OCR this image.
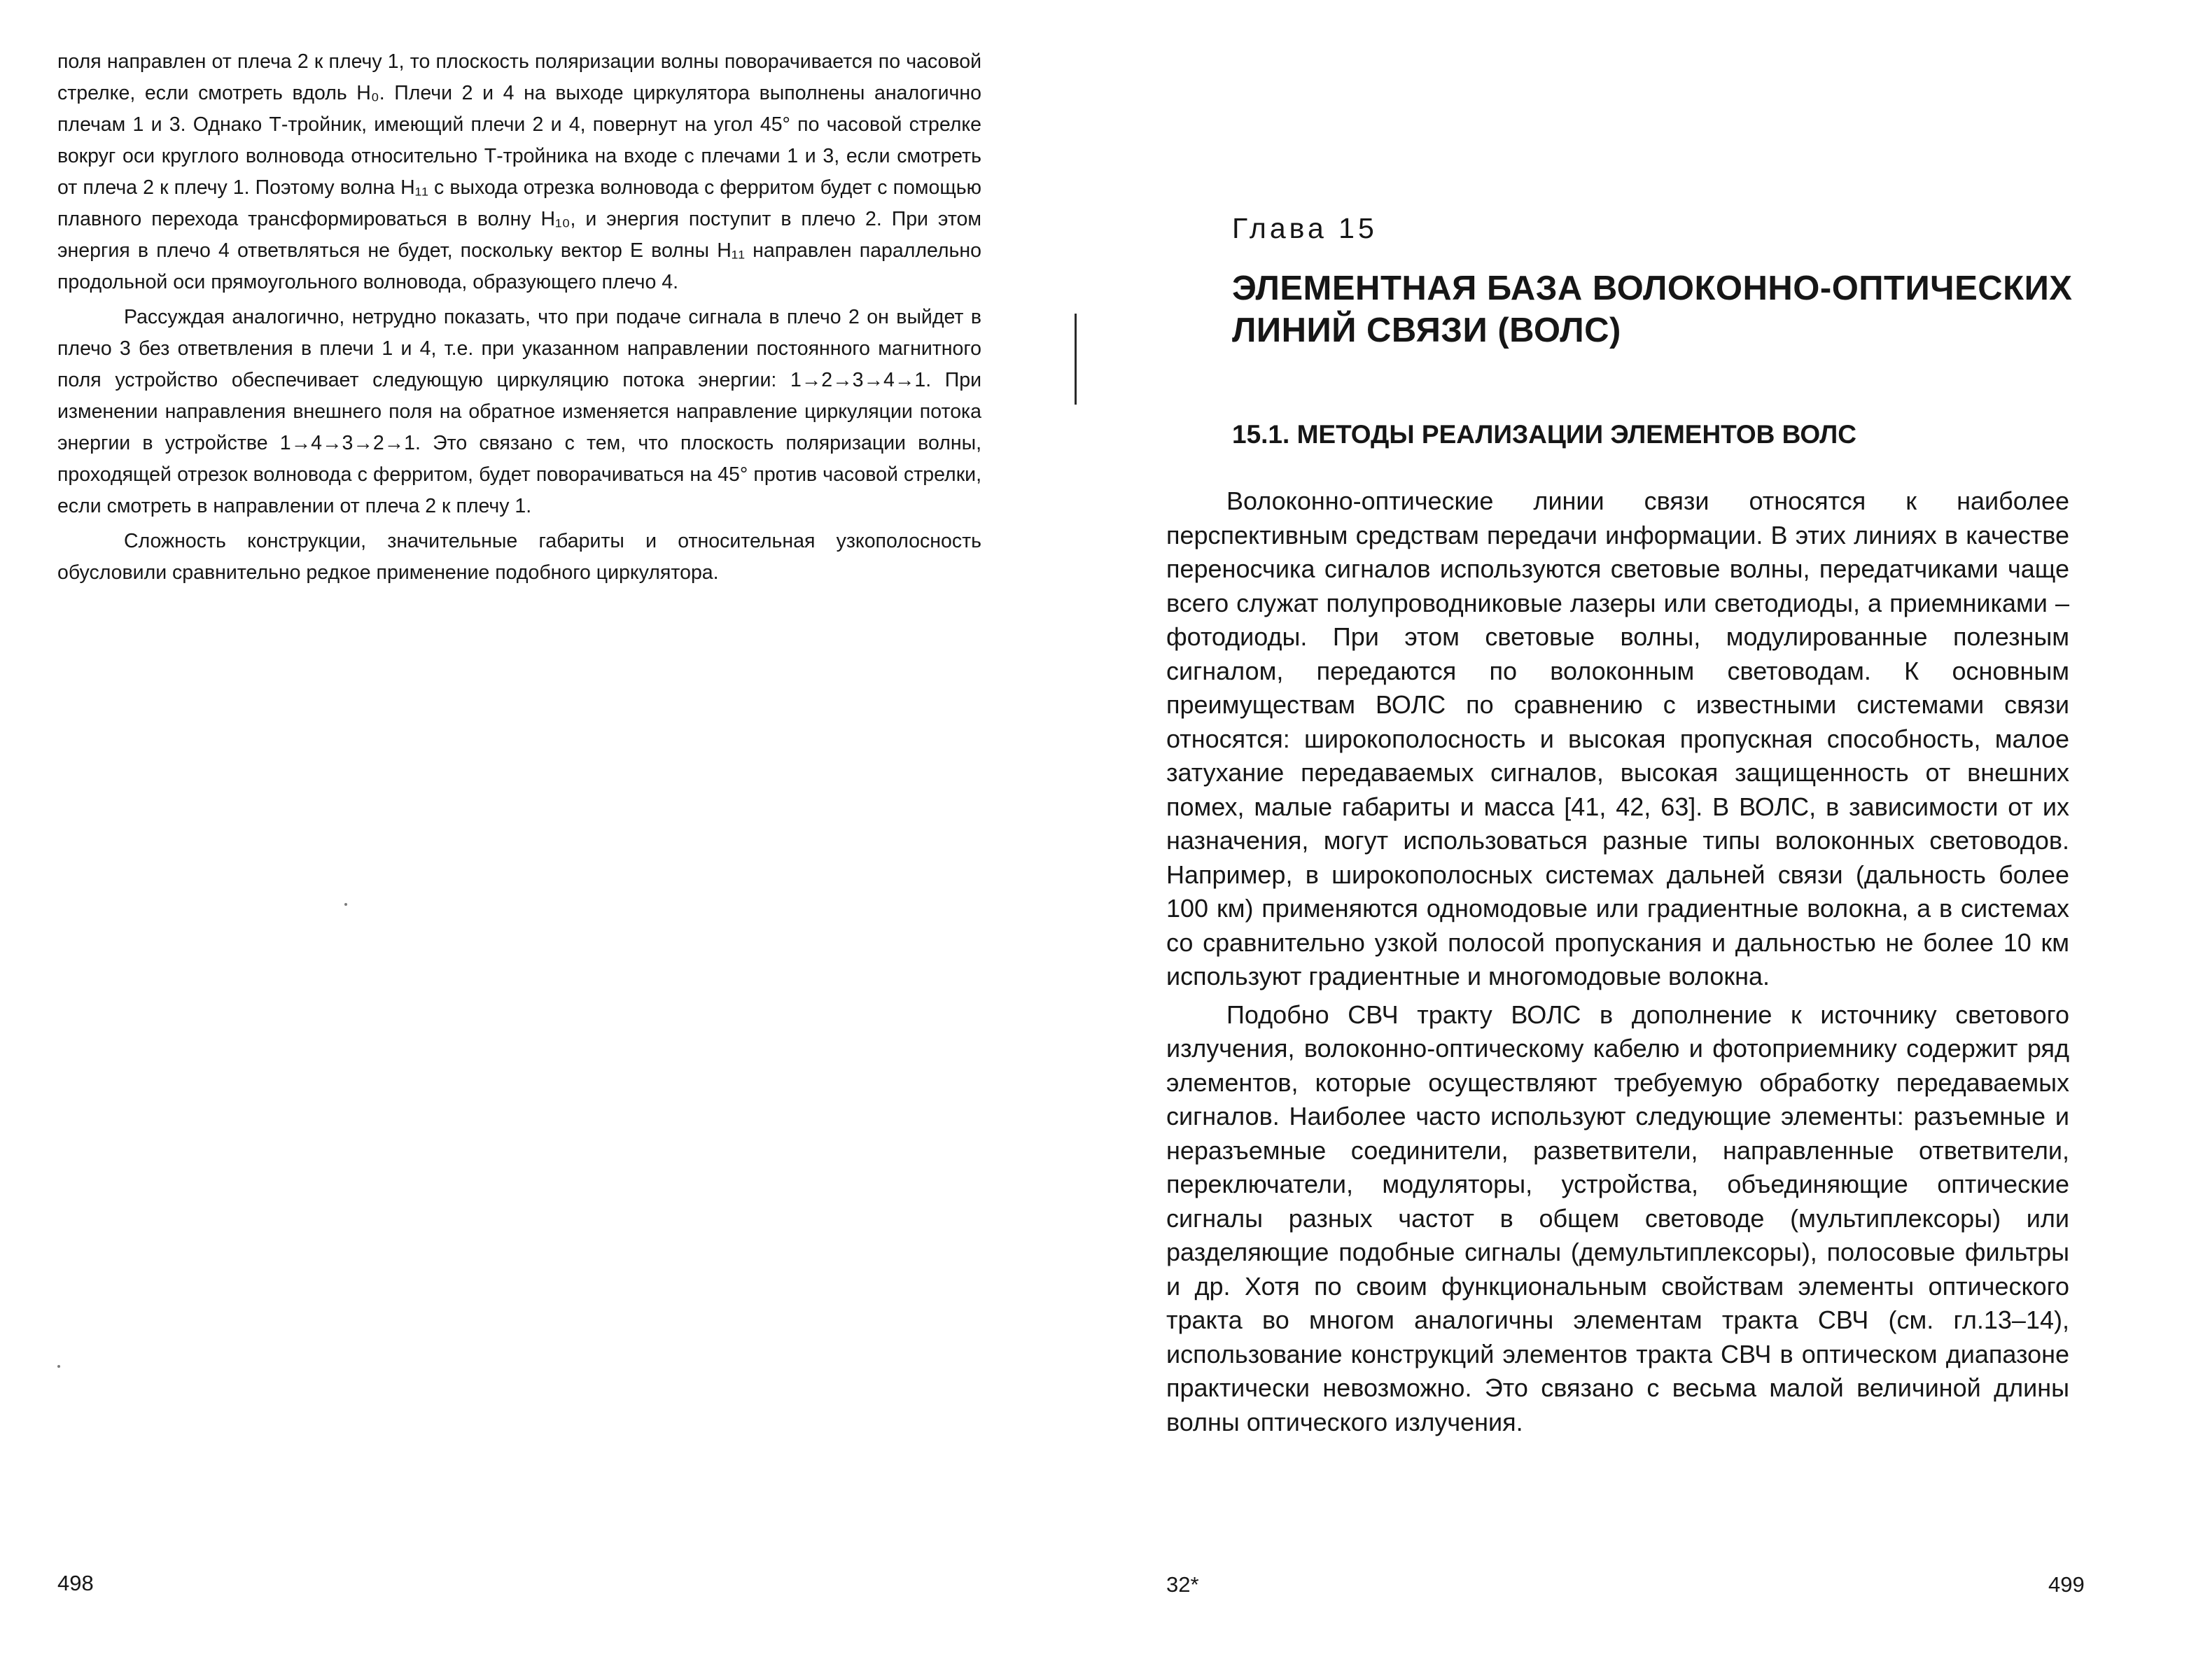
поля направлен от плеча 2 к плечу 1, то плоскость поляризации волны поворачивается по часовой стрелке, если смотреть вдоль H₀. Плечи 2 и 4 на выходе циркулятора выполнены аналогично плечам 1 и 3. Однако Т-тройник, имеющий плечи 2 и 4, повернут на угол 45° по часовой стрелке вокруг оси круглого волновода относительно Т-тройника на входе с плечами 1 и 3, если смотреть от плеча 2 к плечу 1. Поэтому волна H₁₁ с выхода отрезка волновода с ферритом будет с помощью плавного перехода трансформироваться в волну H₁₀, и энергия поступит в плечо 2. При этом энергия в плечо 4 ответвляться не будет, поскольку вектор E волны H₁₁ направлен параллельно продольной оси прямоугольного волновода, образующего плечо 4.

Рассуждая аналогично, нетрудно показать, что при подаче сигнала в плечо 2 он выйдет в плечо 3 без ответвления в плечи 1 и 4, т.е. при указанном направлении постоянного магнитного поля устройство обеспечивает следующую циркуляцию потока энергии: 1→2→3→4→1. При изменении направления внешнего поля на обратное изменяется направление циркуляции потока энергии в устройстве 1→4→3→2→1. Это связано с тем, что плоскость поляризации волны, проходящей отрезок волновода с ферритом, будет поворачиваться на 45° против часовой стрелки, если смотреть в направлении от плеча 2 к плечу 1.

Сложность конструкции, значительные габариты и относительная узкополосность обусловили сравнительно редкое применение подобного циркулятора.

498
Глава 15
ЭЛЕМЕНТНАЯ БАЗА ВОЛОКОННО-ОПТИЧЕСКИХ ЛИНИЙ СВЯЗИ (ВОЛС)
15.1. МЕТОДЫ РЕАЛИЗАЦИИ ЭЛЕМЕНТОВ ВОЛС

Волоконно-оптические линии связи относятся к наиболее перспективным средствам передачи информации. В этих линиях в качестве переносчика сигналов используются световые волны, передатчиками чаще всего служат полупроводниковые лазеры или светодиоды, а приемниками – фотодиоды. При этом световые волны, модулированные полезным сигналом, передаются по волоконным световодам. К основным преимуществам ВОЛС по сравнению с известными системами связи относятся: широкополосность и высокая пропускная способность, малое затухание передаваемых сигналов, высокая защищенность от внешних помех, малые габариты и масса [41, 42, 63]. В ВОЛС, в зависимости от их назначения, могут использоваться разные типы волоконных световодов. Например, в широкополосных системах дальней связи (дальность более 100 км) применяются одномодовые или градиентные волокна, а в системах со сравнительно узкой полосой пропускания и дальностью не более 10 км используют градиентные и многомодовые волокна.

Подобно СВЧ тракту ВОЛС в дополнение к источнику светового излучения, волоконно-оптическому кабелю и фотоприемнику содержит ряд элементов, которые осуществляют требуемую обработку передаваемых сигналов. Наиболее часто используют следующие элементы: разъемные и неразъемные соединители, разветвители, направленные ответвители, переключатели, модуляторы, устройства, объединяющие оптические сигналы разных частот в общем световоде (мультиплексоры) или разделяющие подобные сигналы (демультиплексоры), полосовые фильтры и др. Хотя по своим функциональным свойствам элементы оптического тракта во многом аналогичны элементам тракта СВЧ (см. гл.13–14), использование конструкций элементов тракта СВЧ в оптическом диапазоне практически невозможно. Это связано с весьма малой величиной длины волны оптического излучения.

32*	499
